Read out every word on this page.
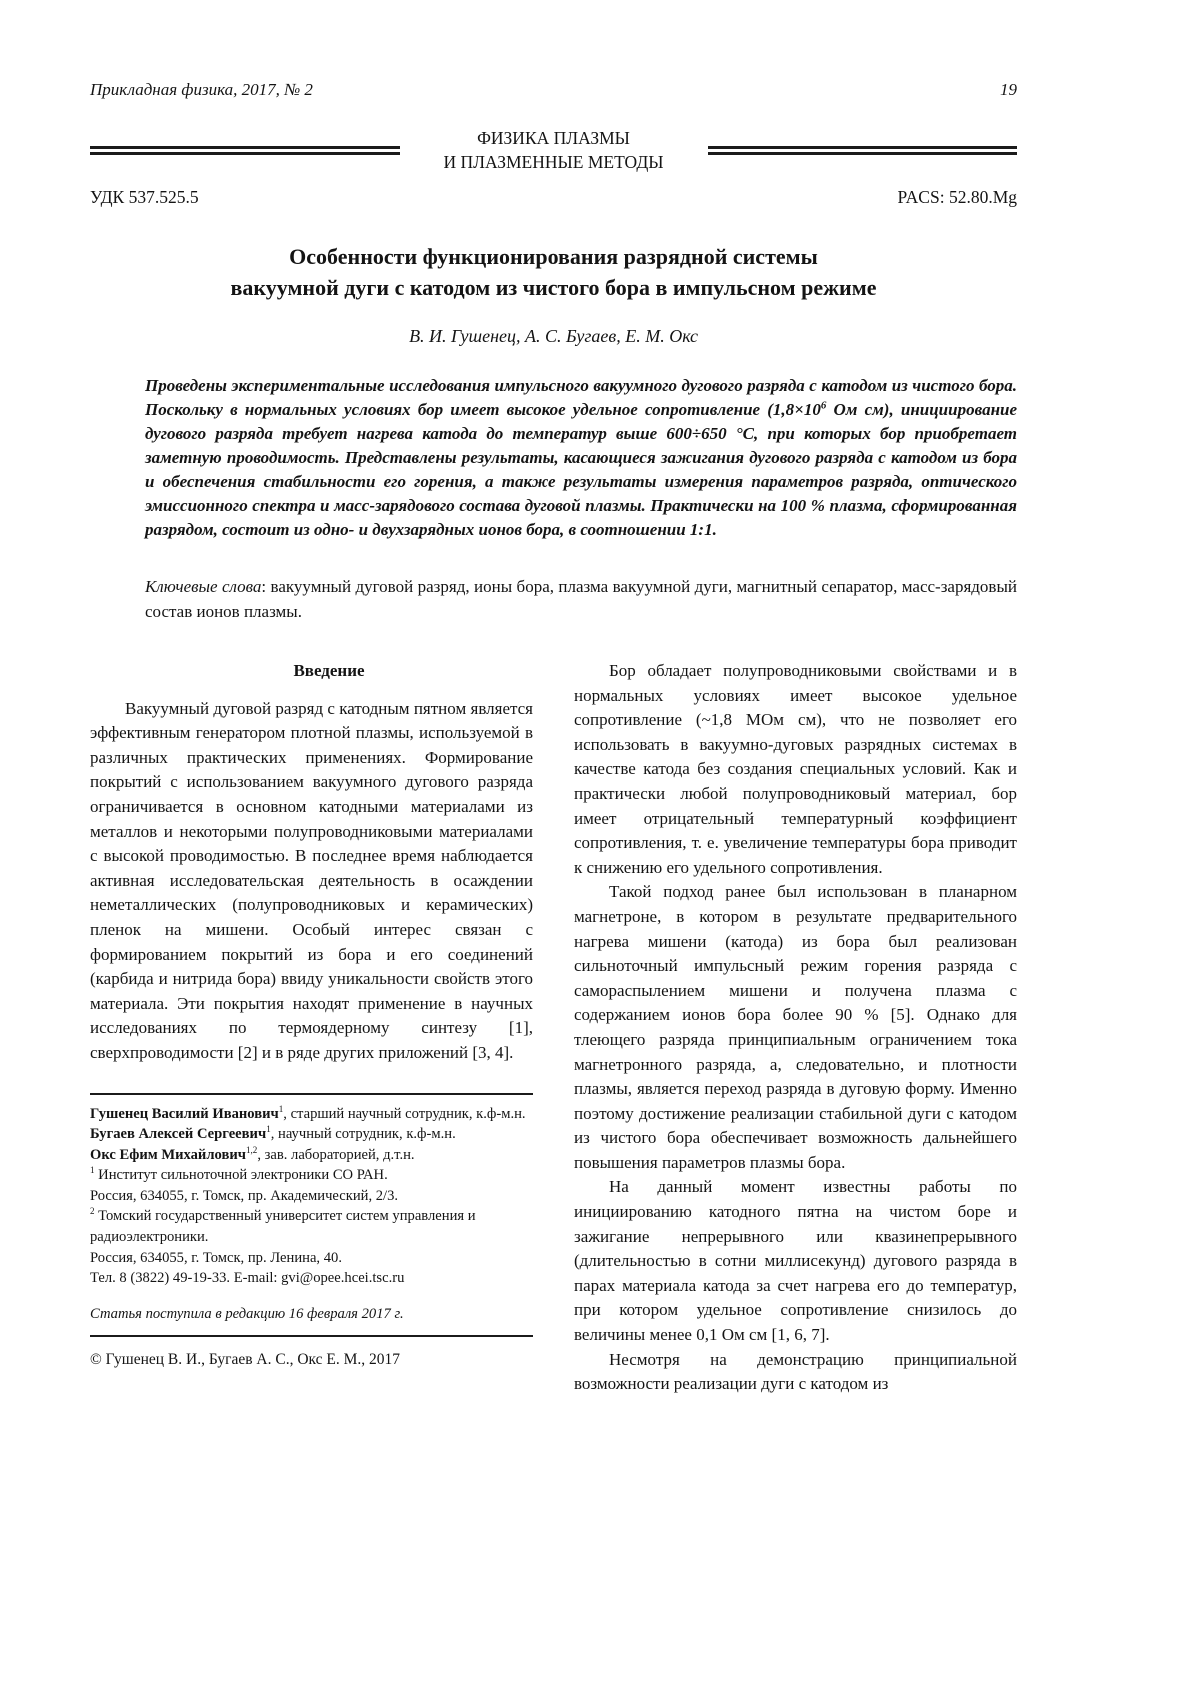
Прикладная физика, 2017, № 2	19
ФИЗИКА ПЛАЗМЫ
И ПЛАЗМЕННЫЕ МЕТОДЫ
УДК 537.525.5	PACS: 52.80.Mg
Особенности функционирования разрядной системы
вакуумной дуги с катодом из чистого бора в импульсном режиме
В. И. Гушенец, А. С. Бугаев, Е. М. Окс

Проведены экспериментальные исследования импульсного вакуумного дугового разряда с катодом из чистого бора. Поскольку в нормальных условиях бор имеет высокое удельное сопротивление ($1,8\times 10^6$ Ом см), инициирование дугового разряда требует нагрева катода до температур выше 600÷650 °С, при которых бор приобретает заметную проводимость. Представлены результаты, касающиеся зажигания дугового разряда с катодом из бора и обеспечения стабильности его горения, а также результаты измерения параметров разряда, оптического эмиссионного спектра и масс-зарядового состава дуговой плазмы. Практически на 100 % плазма, сформированная разрядом, состоит из одно- и двухзарядных ионов бора, в соотношении 1:1.

Ключевые слова: вакуумный дуговой разряд, ионы бора, плазма вакуумной дуги, магнитный сепаратор, масс-зарядовый состав ионов плазмы.

Введение

Вакуумный дуговой разряд с катодным пятном является эффективным генератором плотной плазмы, используемой в различных практических применениях. Формирование покрытий с использованием вакуумного дугового разряда ограничивается в основном катодными материалами из металлов и некоторыми полупроводниковыми материалами с высокой проводимостью. В последнее время наблюдается активная исследовательская деятельность в осаждении неметаллических (полупроводниковых и керамических) пленок на мишени. Особый интерес связан с формированием покрытий из бора и его соединений (карбида и нитрида бора) ввиду уникальности свойств этого материала. Эти покрытия находят применение в научных исследованиях по термоядерному синтезу [1], сверхпроводимости [2] и в ряде других приложений [3, 4].

Гушенец Василий Иванович$^1$, старший научный сотрудник, к.ф-м.н.
Бугаев Алексей Сергеевич$^1$, научный сотрудник, к.ф-м.н.
Окс Ефим Михайлович$^{1,2}$, зав. лабораторией, д.т.н.
$^1$ Институт сильноточной электроники СО РАН.
Россия, 634055, г. Томск, пр. Академический, 2/3.
$^2$ Томский государственный университет систем управления и радиоэлектроники.
Россия, 634055, г. Томск, пр. Ленина, 40.
Тел. 8 (3822) 49-19-33. E-mail: gvi@opee.hcei.tsc.ru
Статья поступила в редакцию 16 февраля 2017 г.
© Гушенец В. И., Бугаев А. С., Окс Е. М., 2017

Бор обладает полупроводниковыми свойствами и в нормальных условиях имеет высокое удельное сопротивление (~1,8 МОм см), что не позволяет его использовать в вакуумно-дуговых разрядных системах в качестве катода без создания специальных условий. Как и практически любой полупроводниковый материал, бор имеет отрицательный температурный коэффициент сопротивления, т. е. увеличение температуры бора приводит к снижению его удельного сопротивления.

Такой подход ранее был использован в планарном магнетроне, в котором в результате предварительного нагрева мишени (катода) из бора был реализован сильноточный импульсный режим горения разряда с самораспылением мишени и получена плазма с содержанием ионов бора более 90 % [5]. Однако для тлеющего разряда принципиальным ограничением тока магнетронного разряда, а, следовательно, и плотности плазмы, является переход разряда в дуговую форму. Именно поэтому достижение реализации стабильной дуги с катодом из чистого бора обеспечивает возможность дальнейшего повышения параметров плазмы бора.

На данный момент известны работы по инициированию катодного пятна на чистом боре и зажигание непрерывного или квазинепрерывного (длительностью в сотни миллисекунд) дугового разряда в парах материала катода за счет нагрева его до температур, при котором удельное сопротивление снизилось до величины менее 0,1 Ом см [1, 6, 7].

Несмотря на демонстрацию принципиальной возможности реализации дуги с катодом из
